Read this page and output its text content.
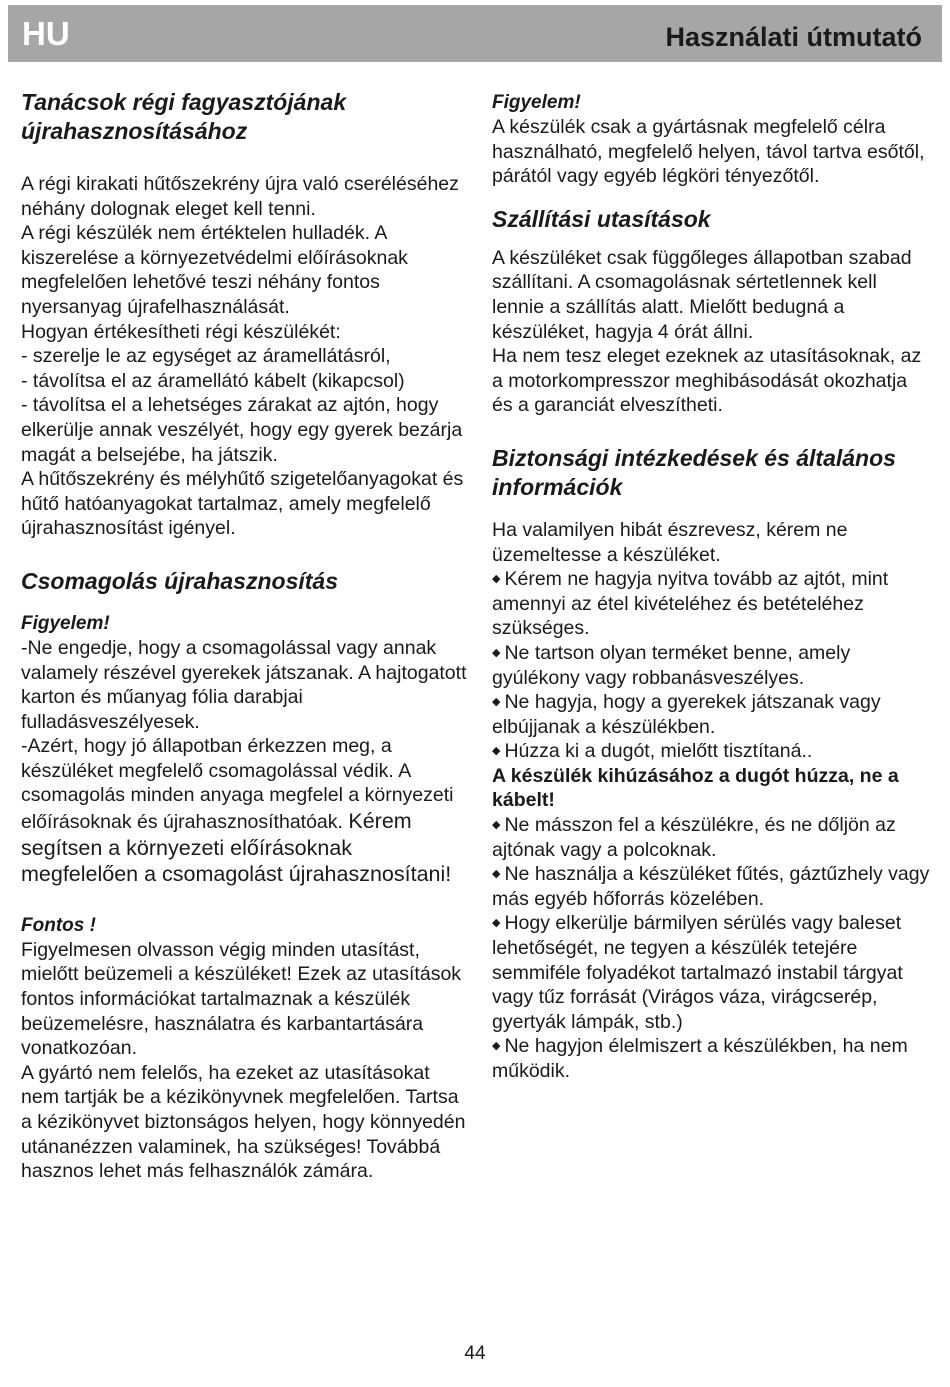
HU	Használati útmutató
Tanácsok régi fagyasztójának újrahasznosításához

A régi kirakati hűtőszekrény újra való cseréléséhez néhány dolognak eleget kell tenni.

A régi készülék nem értéktelen hulladék. A kiszerelése a környezetvédelmi előírásoknak megfelelően lehetővé teszi néhány fontos nyersanyag újrafelhasználását.

Hogyan értékesítheti régi készülékét:

- szerelje le az egységet az áramellátásról,

- távolítsa el az áramellátó kábelt (kikapcsol)

- távolítsa el a lehetséges zárakat az ajtón, hogy elkerülje annak veszélyét, hogy egy gyerek bezárja magát a belsejébe, ha játszik.

A hűtőszekrény és mélyhűtő szigetelőanyagokat és hűtő hatóanyagokat tartalmaz, amely megfelelő újrahasznosítást igényel.

Csomagolás újrahasznosítás

Figyelem!

-Ne engedje, hogy a csomagolással vagy annak valamely részével gyerekek játszanak. A hajtogatott karton és műanyag fólia darabjai fulladásveszélyesek.

-Azért, hogy jó állapotban érkezzen meg, a készüléket megfelelő csomagolással védik. A csomagolás minden anyaga megfelel a környezeti előírásoknak és újrahasznosíthatóak. Kérem segítsen a környezeti előírásoknak megfelelően a csomagolást újrahasznosítani!

Fontos !

Figyelmesen olvasson végig minden utasítást, mielőtt beüzemeli a készüléket! Ezek az utasítások fontos információkat tartalmaznak a készülék beüzemelésre, használatra és karbantartására vonatkozóan.

A gyártó nem felelős, ha ezeket az utasításokat nem tartják be a kézikönyvnek megfelelően. Tartsa a kézikönyvet biztonságos helyen, hogy könnyedén utánanézzen valaminek, ha szükséges! Továbbá hasznos lehet más felhasználók zámára.

Figyelem!

A készülék csak a gyártásnak megfelelő célra használható, megfelelő helyen, távol tartva esőtől, párától vagy egyéb légköri tényezőtől.

Szállítási utasítások

A készüléket csak függőleges állapotban szabad szállítani. A csomagolásnak sértetlennek kell lennie a szállítás alatt. Mielőtt bedugná a készüléket, hagyja 4 órát állni.

Ha nem tesz eleget ezeknek az utasításoknak, az a motorkompresszor meghibásodását okozhatja és a garanciát elveszítheti.

Biztonsági intézkedések és általános információk

Ha valamilyen hibát észrevesz, kérem ne üzemeltesse a készüléket.

◆ Kérem ne hagyja nyitva tovább az ajtót, mint amennyi az étel kivételéhez és betételéhez szükséges.

◆ Ne tartson olyan terméket benne, amely gyúlékony vagy robbanásveszélyes.

◆ Ne hagyja, hogy a gyerekek játszanak vagy elbújjanak a készülékben.

◆ Húzza ki a dugót, mielőtt tisztítaná..

A készülék kihúzásához a dugót húzza, ne a kábelt!

◆ Ne másszon fel a készülékre, és ne dőljön az ajtónak vagy a polcoknak.

◆ Ne használja a készüléket fűtés, gáztűzhely vagy más egyéb hőforrás közelében.

◆ Hogy elkerülje bármilyen sérülés vagy baleset lehetőségét, ne tegyen a készülék tetejére semmiféle folyadékot tartalmazó instabil tárgyat vagy tűz forrását (Virágos váza, virágcserép, gyertyák lámpák, stb.)

◆ Ne hagyjon élelmiszert a készülékben, ha nem működik.

44
